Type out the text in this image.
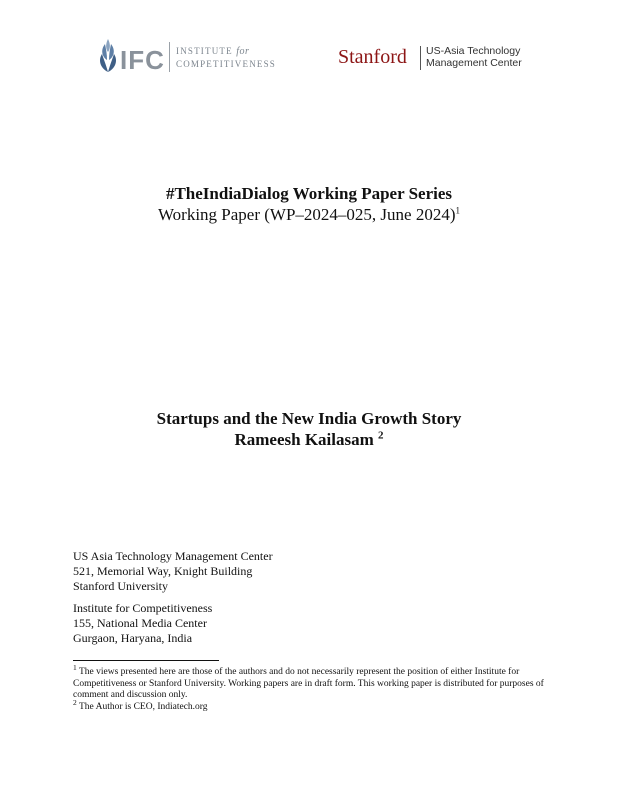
IFC INSTITUTE for
COMPETITIVENESS	Stanford US-Asia Technology
Management Center
#TheIndiaDialog Working Paper Series
Working Paper (WP–2024–025, June 2024)$^1$
Startups and the New India Growth Story
Rameesh Kailasam $^2$
US Asia Technology Management Center
521, Memorial Way, Knight Building
Stanford University
Institute for Competitiveness
155, National Media Center
Gurgaon, Haryana, India

$^1$ The views presented here are those of the authors and do not necessarily represent the position of either Institute for Competitiveness or Stanford University. Working papers are in draft form. This working paper is distributed for purposes of comment and discussion only.

$^2$ The Author is CEO, Indiatech.org
